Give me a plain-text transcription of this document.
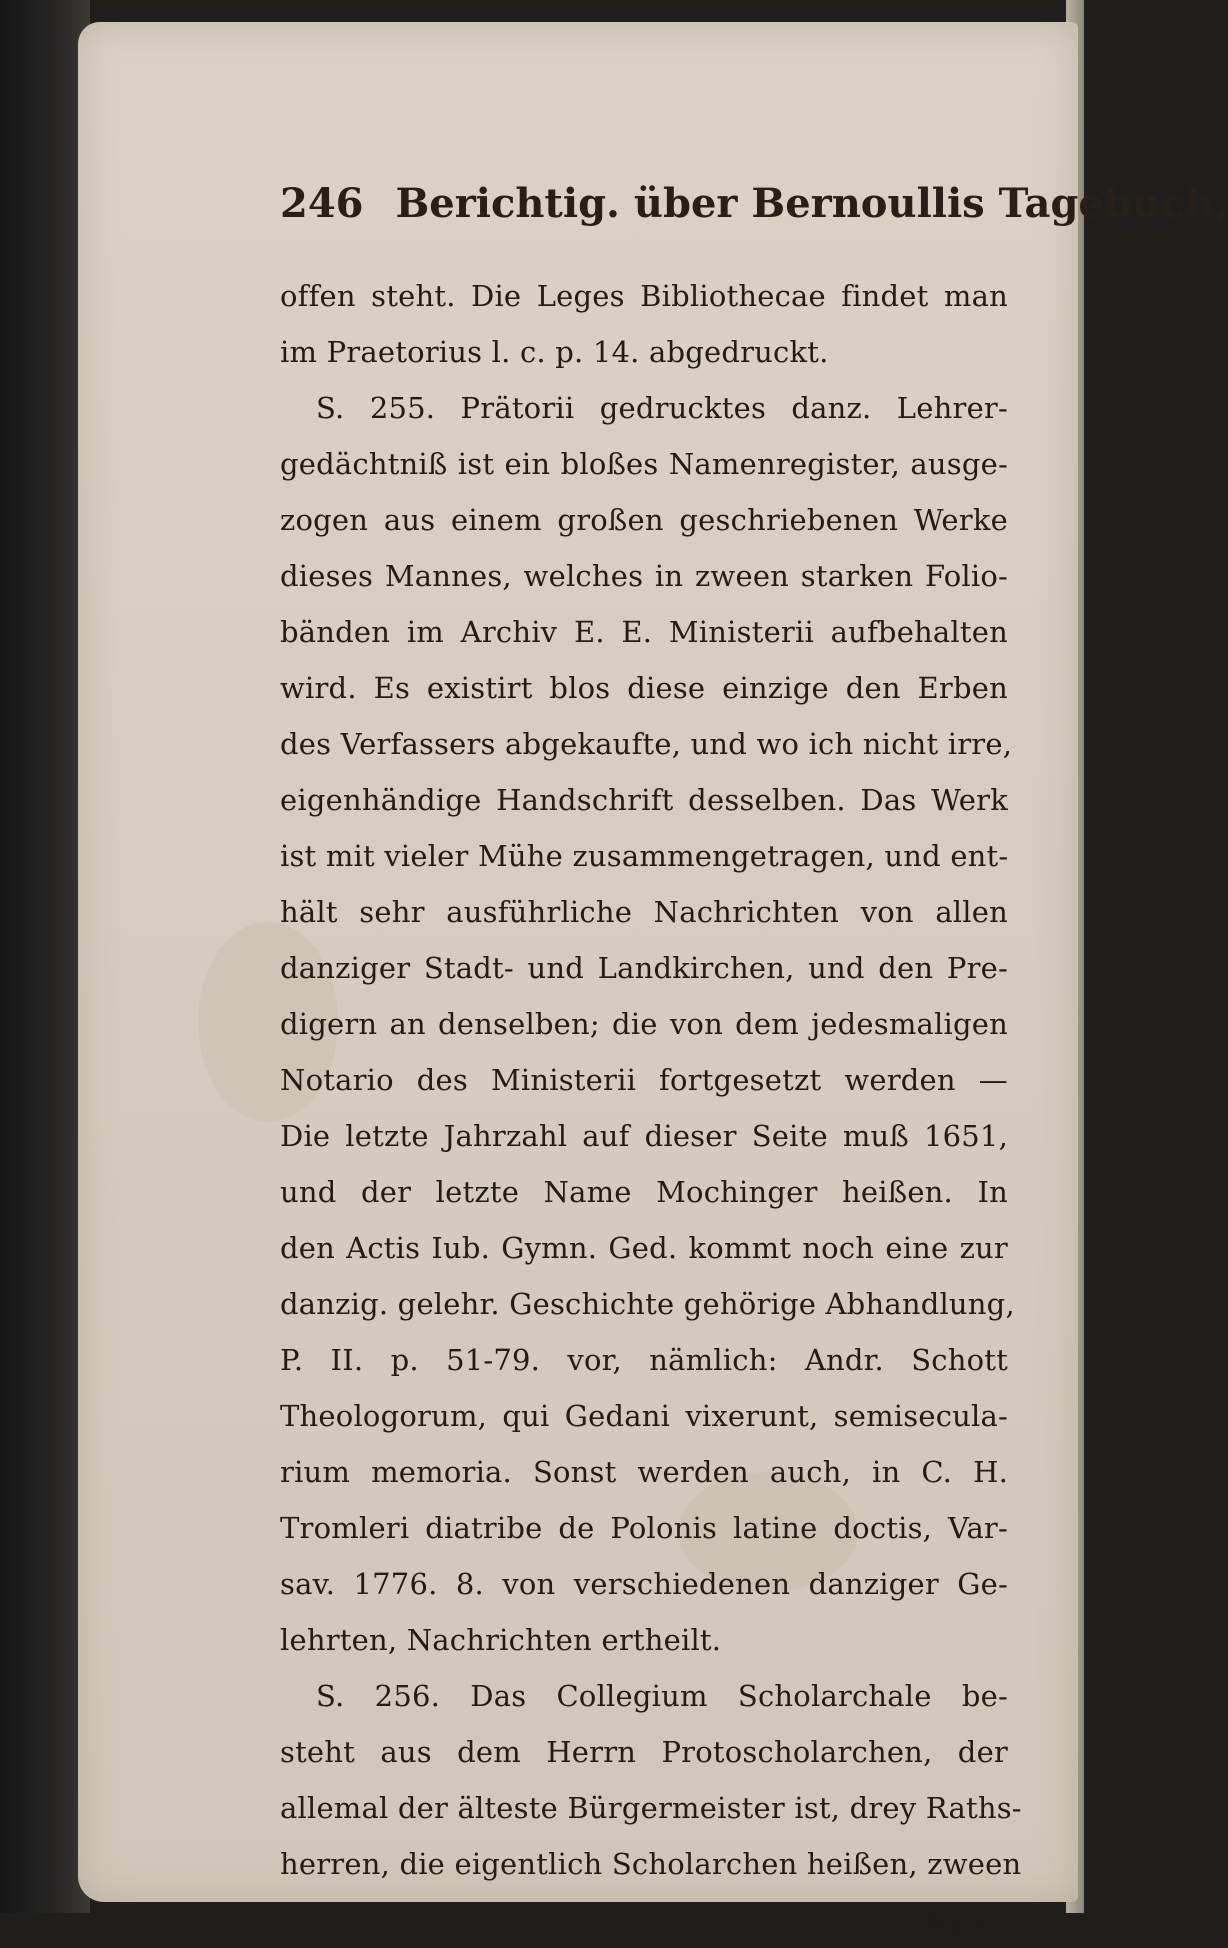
246 Berichtig. über Bernoullis Tagebuch,
offen steht. Die Leges Bibliothecae findet man
im Praetorius l. c. p. 14. abgedruckt.
S. 255. Prätorii gedrucktes danz. Lehrer-
gedächtniß ist ein bloßes Namenregister, ausge-
zogen aus einem großen geschriebenen Werke
dieses Mannes, welches in zween starken Folio-
bänden im Archiv E. E. Ministerii aufbehalten
wird. Es existirt blos diese einzige den Erben
des Verfassers abgekaufte, und wo ich nicht irre,
eigenhändige Handschrift desselben. Das Werk
ist mit vieler Mühe zusammengetragen, und ent-
hält sehr ausführliche Nachrichten von allen
danziger Stadt- und Landkirchen, und den Pre-
digern an denselben; die von dem jedesmaligen
Notario des Ministerii fortgesetzt werden —
Die letzte Jahrzahl auf dieser Seite muß 1651,
und der letzte Name Mochinger heißen. In
den Actis Iub. Gymn. Ged. kommt noch eine zur
danzig. gelehr. Geschichte gehörige Abhandlung,
P. II. p. 51-79. vor, nämlich: Andr. Schott
Theologorum, qui Gedani vixerunt, semisecula-
rium memoria. Sonst werden auch, in C. H.
Tromleri diatribe de Polonis latine doctis, Var-
sav. 1776. 8. von verschiedenen danziger Ge-
lehrten, Nachrichten ertheilt.
S. 256. Das Collegium Scholarchale be-
steht aus dem Herrn Protoscholarchen, der
allemal der älteste Bürgermeister ist, drey Raths-
herren, die eigentlich Scholarchen heißen, zween
Beysi-
